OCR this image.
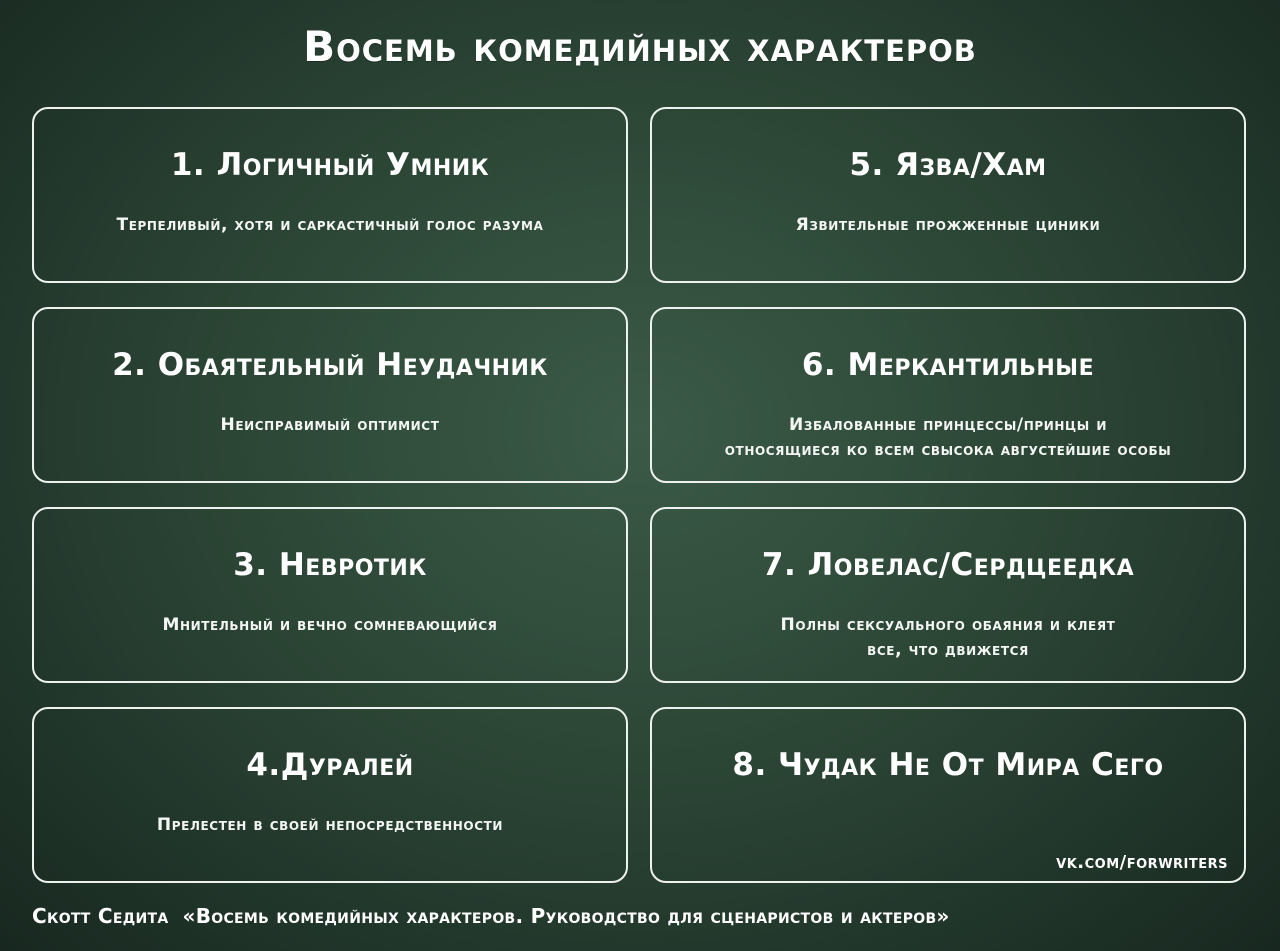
Восемь комедийных характеров
1. Логичный Умник
Терпеливый, хотя и саркастичный голос разума
2. Обаятельный Неудачник
Неисправимый оптимист
3. Невротик
Мнительный и вечно сомневающийся
4.Дуралей
Прелестен в своей непосредственности
5. Язва/Хам
Язвительные прожженные циники
6. Меркантильные
Избалованные принцессы/принцы и
относящиеся ко всем свысока августейшие особы
7. Ловелас/Сердцеедка
Полны сексуального обаяния и клеят
все, что движется
8. Чудак Не От Мира Сего
vk.com/forwriters
Скотт Седита «Восемь комедийных характеров. Руководство для сценаристов и актеров»
